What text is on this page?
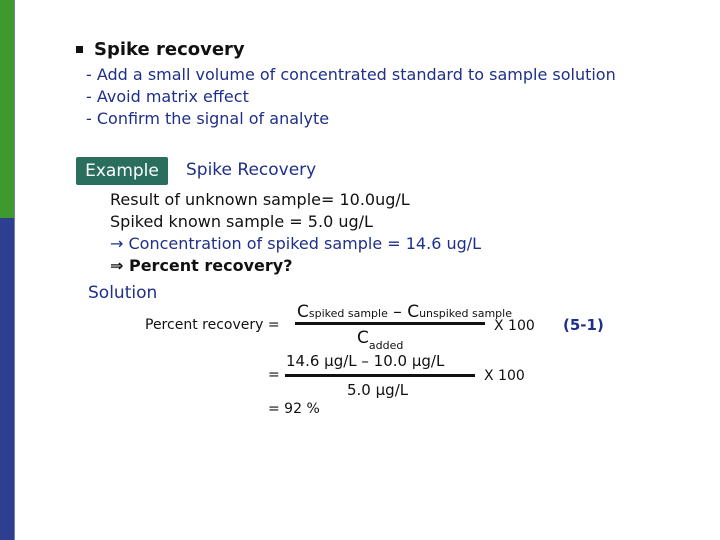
Spike recovery
- Add a small volume of concentrated standard to sample solution
- Avoid matrix effect
- Confirm the signal of analyte
Example	Spike Recovery
Result of unknown sample= 10.0ug/L
Spiked known sample = 5.0 ug/L
→ Concentration of spiked sample = 14.6 ug/L
⇒ Percent recovery?
Solution
Percent recovery =
Cspiked sample – Cunspiked sample
$C_{added}$
X 100 (5-1)
=
14.6 μg/L – 10.0 μg/L
5.0 μg/L
X 100
= 92 %
